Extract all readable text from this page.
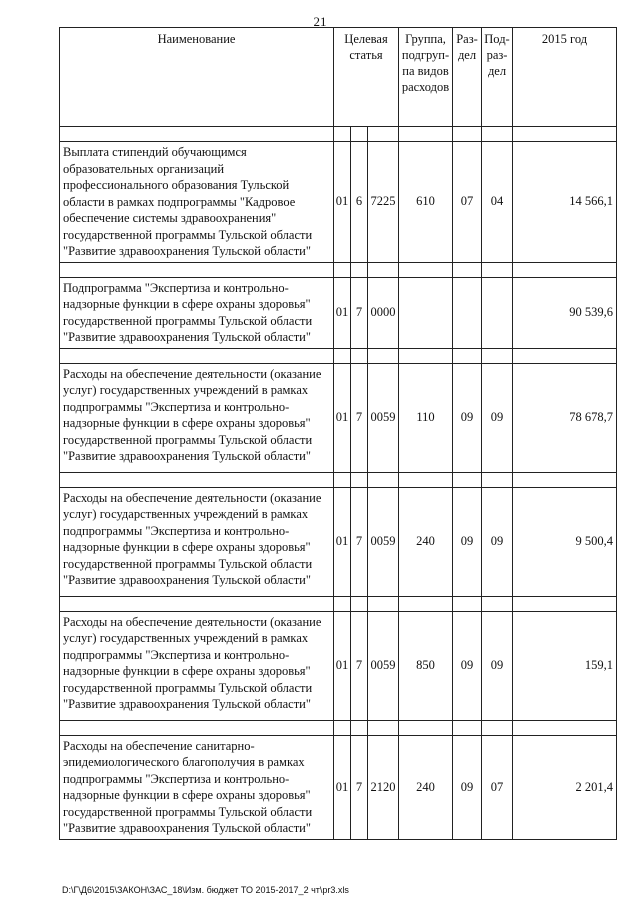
21
Наименование	Целевая статья			Группа, подгруп-па видов расходов	Раз-дел	Под-раз-дел	2015 год

Выплата стипендий обучающимся образовательных организаций профессионального образования Тульской области в рамках подпрограммы "Кадровое обеспечение системы здравоохранения" государственной программы Тульской области "Развитие здравоохранения Тульской области"	01	6	7225	610	07	04	14 566,1

Подпрограмма "Экспертиза и контрольно-надзорные функции в сфере охраны здоровья" государственной программы Тульской области "Развитие здравоохранения Тульской области"	01	7	0000				90 539,6

Расходы на обеспечение деятельности (оказание услуг) государственных учреждений в рамках подпрограммы "Экспертиза и контрольно-надзорные функции в сфере охраны здоровья" государственной программы Тульской области "Развитие здравоохранения Тульской области"	01	7	0059	110	09	09	78 678,7

Расходы на обеспечение деятельности (оказание услуг) государственных учреждений в рамках подпрограммы "Экспертиза и контрольно-надзорные функции в сфере охраны здоровья" государственной программы Тульской области "Развитие здравоохранения Тульской области"	01	7	0059	240	09	09	9 500,4

Расходы на обеспечение деятельности (оказание услуг) государственных учреждений в рамках подпрограммы "Экспертиза и контрольно-надзорные функции в сфере охраны здоровья" государственной программы Тульской области "Развитие здравоохранения Тульской области"	01	7	0059	850	09	09	159,1

Расходы на обеспечение санитарно-эпидемиологического благополучия в рамках подпрограммы "Экспертиза и контрольно-надзорные функции в сфере охраны здоровья" государственной программы Тульской области "Развитие здравоохранения Тульской области"	01	7	2120	240	09	07	2 201,4
D:\Г\Д6\2015\ЗАКОН\ЗАС_18\Изм. бюджет ТО 2015-2017_2 чт\pr3.xls
